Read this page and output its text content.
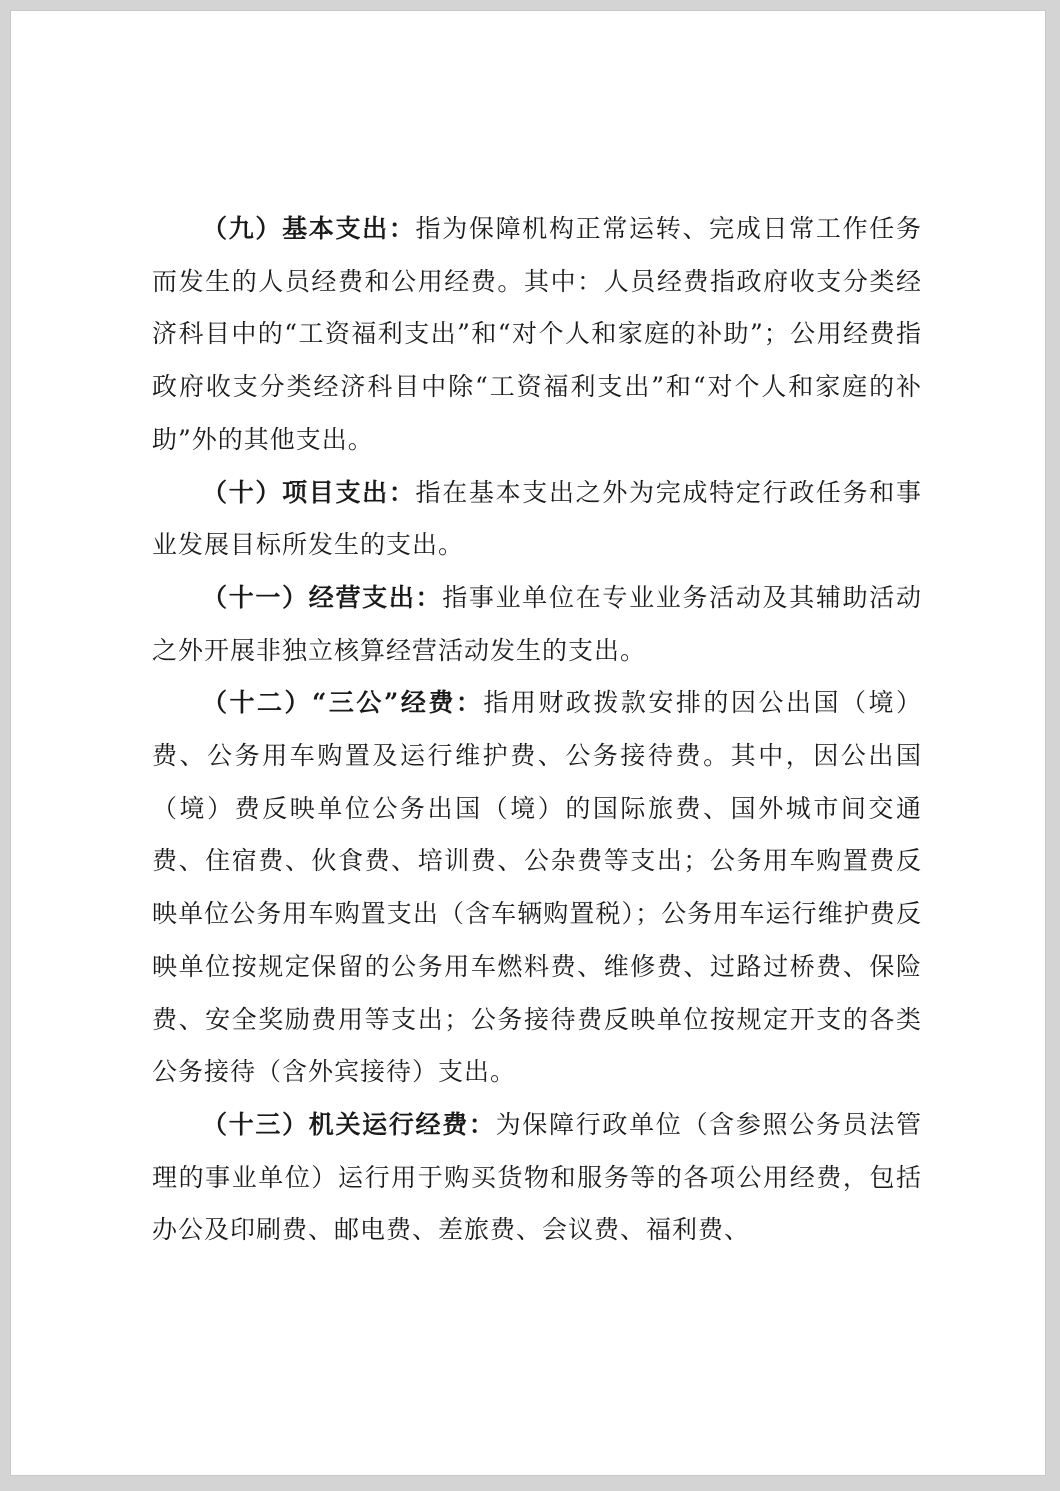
（九）基本支出：指为保障机构正常运转、完成日常工作任务而发生的人员经费和公用经费。其中：人员经费指政府收支分类经济科目中的“工资福利支出”和“对个人和家庭的补助”；公用经费指政府收支分类经济科目中除“工资福利支出”和“对个人和家庭的补助”外的其他支出。

（十）项目支出：指在基本支出之外为完成特定行政任务和事业发展目标所发生的支出。

（十一）经营支出：指事业单位在专业业务活动及其辅助活动之外开展非独立核算经营活动发生的支出。

（十二）“三公”经费：指用财政拨款安排的因公出国（境）费、公务用车购置及运行维护费、公务接待费。其中，因公出国（境）费反映单位公务出国（境）的国际旅费、国外城市间交通费、住宿费、伙食费、培训费、公杂费等支出；公务用车购置费反映单位公务用车购置支出（含车辆购置税）；公务用车运行维护费反映单位按规定保留的公务用车燃料费、维修费、过路过桥费、保险费、安全奖励费用等支出；公务接待费反映单位按规定开支的各类公务接待（含外宾接待）支出。

（十三）机关运行经费：为保障行政单位（含参照公务员法管理的事业单位）运行用于购买货物和服务等的各项公用经费，包括办公及印刷费、邮电费、差旅费、会议费、福利费、
